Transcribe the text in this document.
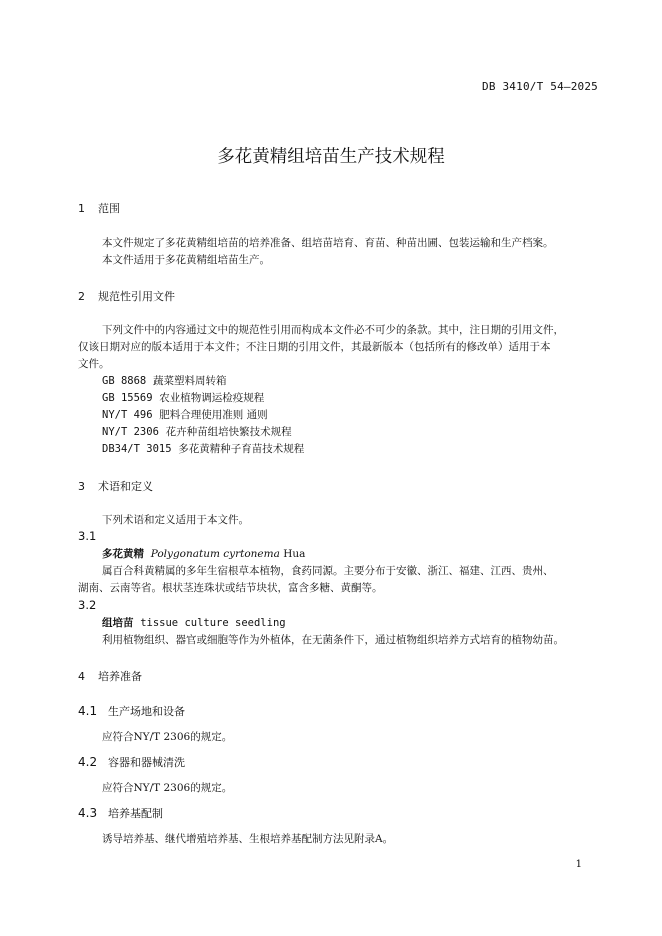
DB 3410/T 54—2025
多花黄精组培苗生产技术规程
1 范围
本文件规定了多花黄精组培苗的培养准备、组培苗培育、育苗、种苗出圃、包装运输和生产档案。
本文件适用于多花黄精组培苗生产。
2 规范性引用文件
下列文件中的内容通过文中的规范性引用而构成本文件必不可少的条款。其中，注日期的引用文件，
仅该日期对应的版本适用于本文件；不注日期的引用文件，其最新版本（包括所有的修改单）适用于本
文件。
GB 8868 蔬菜塑料周转箱
GB 15569 农业植物调运检疫规程
NY/T 496 肥料合理使用准则 通则
NY/T 2306 花卉种苗组培快繁技术规程
DB34/T 3015 多花黄精种子育苗技术规程
3 术语和定义
下列术语和定义适用于本文件。
3.1
多花黄精 Polygonatum cyrtonema Hua
属百合科黄精属的多年生宿根草本植物，食药同源。主要分布于安徽、浙江、福建、江西、贵州、
湖南、云南等省。根状茎连珠状或结节块状，富含多糖、黄酮等。
3.2
组培苗 tissue culture seedling
利用植物组织、器官或细胞等作为外植体，在无菌条件下，通过植物组织培养方式培育的植物幼苗。
4 培养准备
4.1 生产场地和设备
应符合NY/T 2306的规定。
4.2 容器和器械清洗
应符合NY/T 2306的规定。
4.3 培养基配制
诱导培养基、继代增殖培养基、生根培养基配制方法见附录A。
1
